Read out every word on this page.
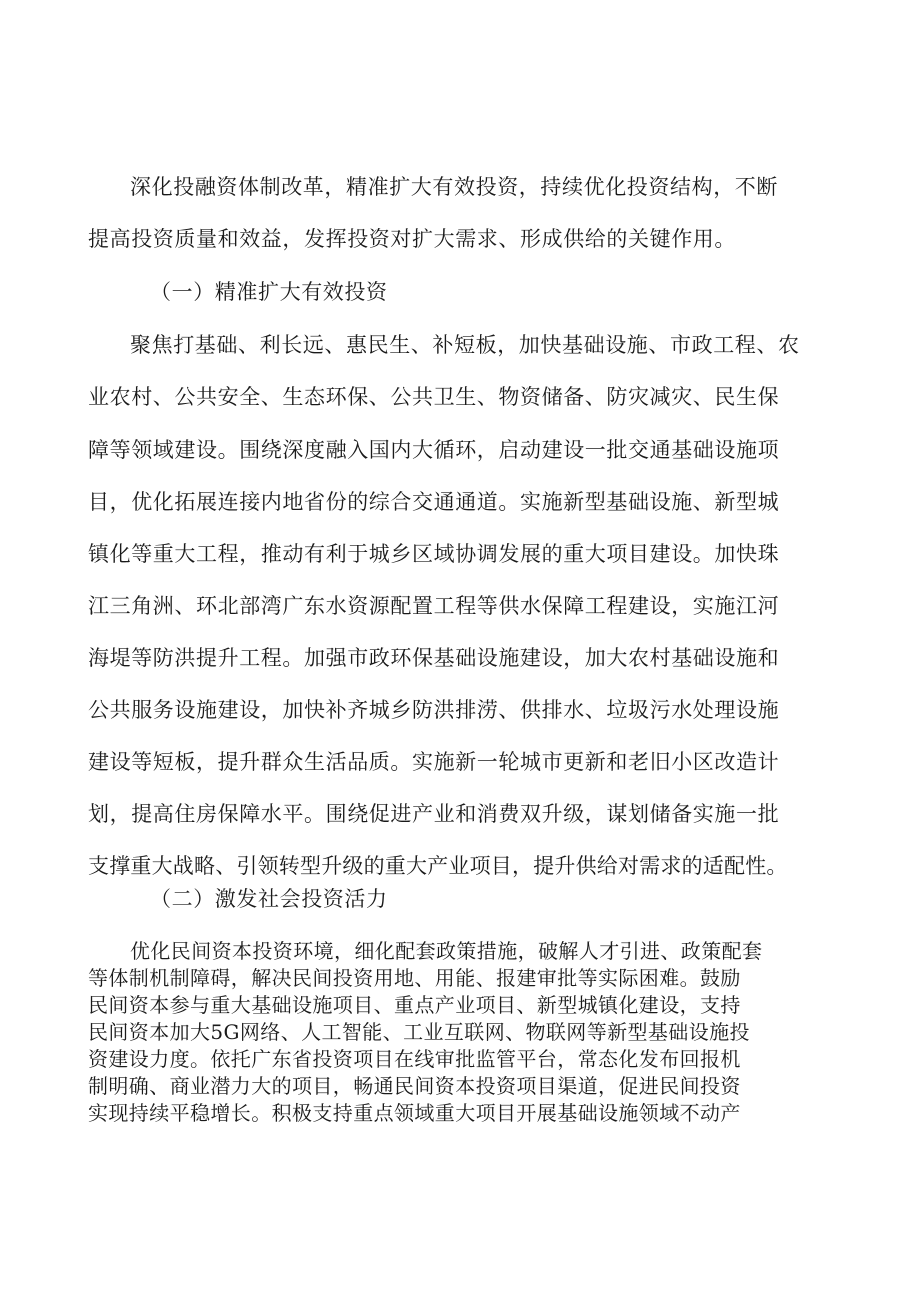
深化投融资体制改革，精准扩大有效投资，持续优化投资结构，不断
提高投资质量和效益，发挥投资对扩大需求、形成供给的关键作用。
（一）精准扩大有效投资
聚焦打基础、利长远、惠民生、补短板，加快基础设施、市政工程、农
业农村、公共安全、生态环保、公共卫生、物资储备、防灾减灾、民生保
障等领域建设。围绕深度融入国内大循环，启动建设一批交通基础设施项
目，优化拓展连接内地省份的综合交通通道。实施新型基础设施、新型城
镇化等重大工程，推动有利于城乡区域协调发展的重大项目建设。加快珠
江三角洲、环北部湾广东水资源配置工程等供水保障工程建设，实施江河
海堤等防洪提升工程。加强市政环保基础设施建设，加大农村基础设施和
公共服务设施建设，加快补齐城乡防洪排涝、供排水、垃圾污水处理设施
建设等短板，提升群众生活品质。实施新一轮城市更新和老旧小区改造计
划，提高住房保障水平。围绕促进产业和消费双升级，谋划储备实施一批
支撑重大战略、引领转型升级的重大产业项目，提升供给对需求的适配性。
（二）激发社会投资活力
优化民间资本投资环境，细化配套政策措施，破解人才引进、政策配套
等体制机制障碍，解决民间投资用地、用能、报建审批等实际困难。鼓励
民间资本参与重大基础设施项目、重点产业项目、新型城镇化建设，支持
民间资本加大5G网络、人工智能、工业互联网、物联网等新型基础设施投
资建设力度。依托广东省投资项目在线审批监管平台，常态化发布回报机
制明确、商业潜力大的项目，畅通民间资本投资项目渠道，促进民间投资
实现持续平稳增长。积极支持重点领域重大项目开展基础设施领域不动产
